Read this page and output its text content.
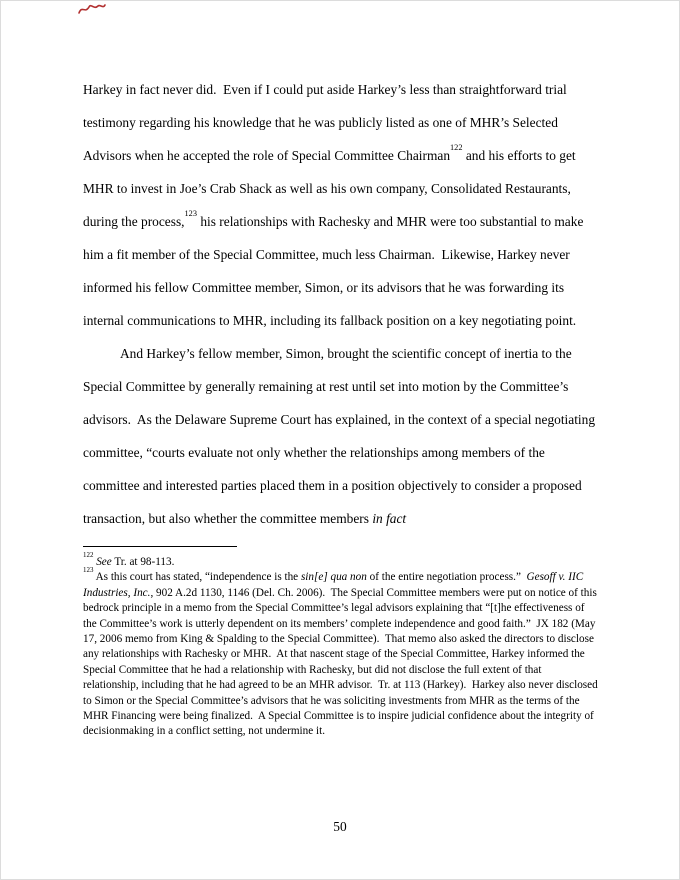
Harkey in fact never did.  Even if I could put aside Harkey’s less than straightforward trial testimony regarding his knowledge that he was publicly listed as one of MHR’s Selected Advisors when he accepted the role of Special Committee Chairman$^{122}$ and his efforts to get MHR to invest in Joe’s Crab Shack as well as his own company, Consolidated Restaurants, during the process,$^{123}$ his relationships with Rachesky and MHR were too substantial to make him a fit member of the Special Committee, much less Chairman.  Likewise, Harkey never informed his fellow Committee member, Simon, or its advisors that he was forwarding its internal communications to MHR, including its fallback position on a key negotiating point.

And Harkey’s fellow member, Simon, brought the scientific concept of inertia to the Special Committee by generally remaining at rest until set into motion by the Committee’s advisors.  As the Delaware Supreme Court has explained, in the context of a special negotiating committee, “courts evaluate not only whether the relationships among members of the committee and interested parties placed them in a position objectively to consider a proposed transaction, but also whether the committee members in fact

$^{122}$ See Tr. at 98-113.

$^{123}$ As this court has stated, “independence is the sin[e] qua non of the entire negotiation process.”  Gesoff v. IIC Industries, Inc., 902 A.2d 1130, 1146 (Del. Ch. 2006).  The Special Committee members were put on notice of this bedrock principle in a memo from the Special Committee’s legal advisors explaining that “[t]he effectiveness of the Committee’s work is utterly dependent on its members’ complete independence and good faith.”  JX 182 (May 17, 2006 memo from King & Spalding to the Special Committee).  That memo also asked the directors to disclose any relationships with Rachesky or MHR.  At that nascent stage of the Special Committee, Harkey informed the Special Committee that he had a relationship with Rachesky, but did not disclose the full extent of that relationship, including that he had agreed to be an MHR advisor.  Tr. at 113 (Harkey).  Harkey also never disclosed to Simon or the Special Committee’s advisors that he was soliciting investments from MHR as the terms of the MHR Financing were being finalized.  A Special Committee is to inspire judicial confidence about the integrity of decisionmaking in a conflict setting, not undermine it.

50
